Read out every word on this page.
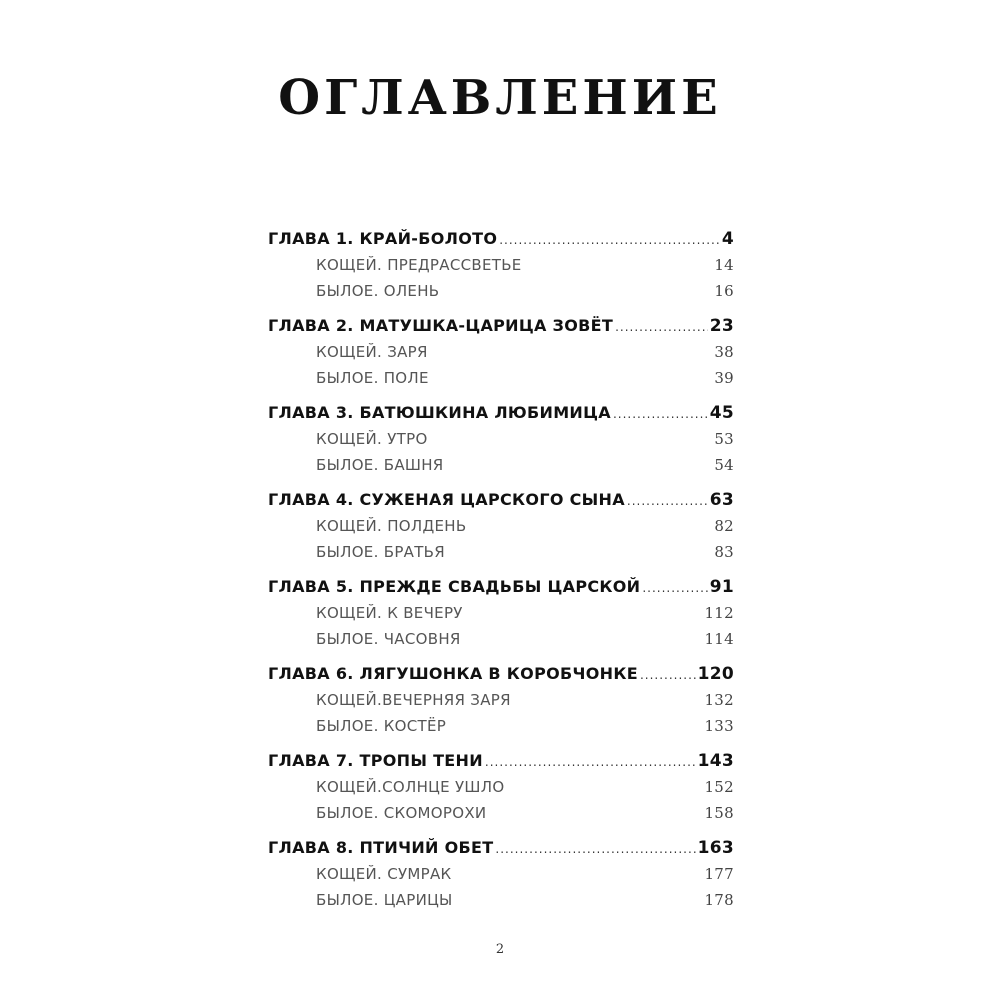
ОГЛАВЛЕНИЕ
ГЛАВА 1. КРАЙ-БОЛОТО .....	4
КОЩЕЙ. ПРЕДРАССВЕТЬЕ	14
БЫЛОЕ. ОЛЕНЬ	16
ГЛАВА 2. МАТУШКА-ЦАРИЦА ЗОВЁТ .....	23
КОЩЕЙ. ЗАРЯ	38
БЫЛОЕ. ПОЛЕ	39
ГЛАВА 3. БАТЮШКИНА ЛЮБИМИЦА .....	45
КОЩЕЙ. УТРО	53
БЫЛОЕ. БАШНЯ	54
ГЛАВА 4. СУЖЕНАЯ ЦАРСКОГО СЫНА .....	63
КОЩЕЙ. ПОЛДЕНЬ	82
БЫЛОЕ. БРАТЬЯ	83
ГЛАВА 5. ПРЕЖДЕ СВАДЬБЫ ЦАРСКОЙ .....	91
КОЩЕЙ. К ВЕЧЕРУ	112
БЫЛОЕ. ЧАСОВНЯ	114
ГЛАВА 6. ЛЯГУШОНКА В КОРОБЧОНКЕ .....	120
КОЩЕЙ.ВЕЧЕРНЯЯ ЗАРЯ	132
БЫЛОЕ. КОСТЁР	133
ГЛАВА 7. ТРОПЫ ТЕНИ .....	143
КОЩЕЙ.СОЛНЦЕ УШЛО	152
БЫЛОЕ. СКОМОРОХИ	158
ГЛАВА 8. ПТИЧИЙ ОБЕТ .....	163
КОЩЕЙ. СУМРАК	177
БЫЛОЕ. ЦАРИЦЫ	178
2
